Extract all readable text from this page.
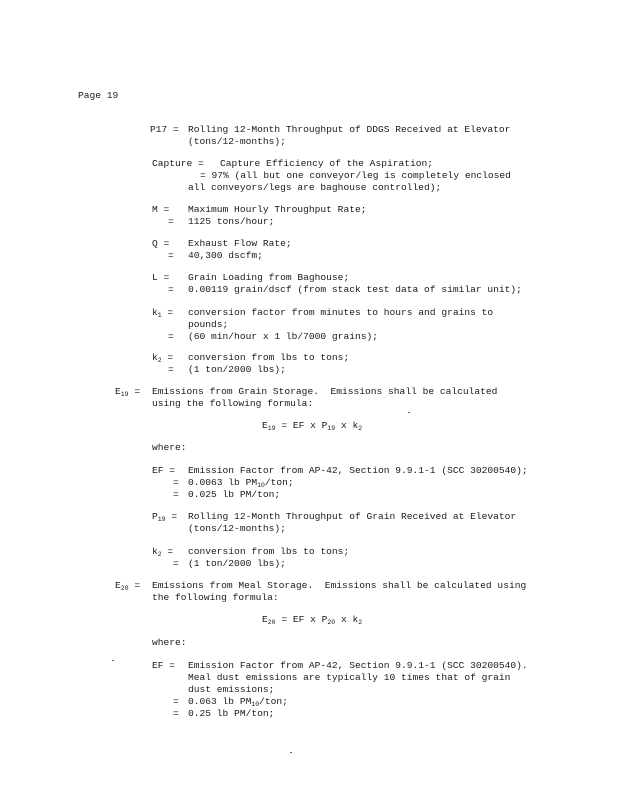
Page 19
P17 = Rolling 12-Month Throughput of DDGS Received at Elevator
(tons/12-months);
Capture = Capture Efficiency of the Aspiration;
= 97% (all but one conveyor/leg is completely enclosed
all conveyors/legs are baghouse controlled);
M = Maximum Hourly Throughput Rate;
= 1125 tons/hour;
Q = Exhaust Flow Rate;
= 40,300 dscfm;
L = Grain Loading from Baghouse;
= 0.00119 grain/dscf (from stack test data of similar unit);
$k_1$ = conversion factor from minutes to hours and grains to
pounds;
= (60 min/hour x 1 lb/7000 grains);
$k_2$ = conversion from lbs to tons;
= (1 ton/2000 lbs);
$E_{19}$ = Emissions from Grain Storage.  Emissions shall be calculated
using the following formula:
$E_{19}$ = EF x $P_{19}$ x $k_2$
where:
EF = Emission Factor from AP-42, Section 9.9.1-1 (SCC 30200540);
= 0.0063 lb $PM_{10}$/ton;
= 0.025 lb PM/ton;
$P_{19}$ = Rolling 12-Month Throughput of Grain Received at Elevator
(tons/12-months);
$k_2$ = conversion from lbs to tons;
= (1 ton/2000 lbs);
$E_{20}$ = Emissions from Meal Storage.  Emissions shall be calculated using
the following formula:
$E_{20}$ = EF x $P_{20}$ x $k_2$
where:
EF = Emission Factor from AP-42, Section 9.9.1-1 (SCC 30200540).
Meal dust emissions are typically 10 times that of grain
dust emissions;
= 0.063 lb $PM_{10}$/ton;
= 0.25 lb PM/ton;
